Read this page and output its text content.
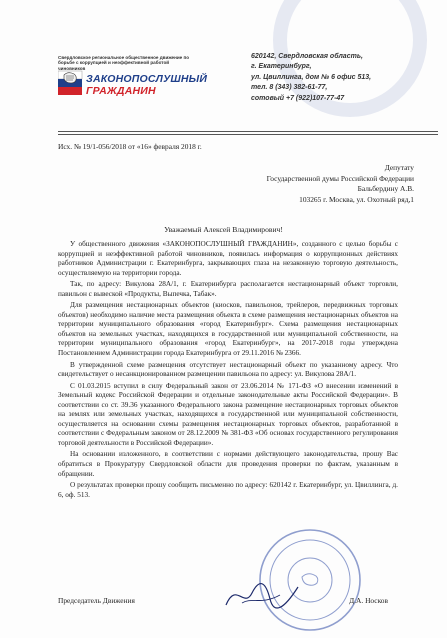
Свердловское региональное общественное движение по борьбе с коррупцией и неэффективной работой чиновников
ЗАКОНОПОСЛУШНЫЙ
ГРАЖДАНИН
620142, Свердловская область,
г. Екатеринбург,
ул. Цвиллинга, дом № 6 офис 513,
тел. 8 (343) 382-61-77,
сотовый +7 (922)107-77-47
Исх. № 19/1-056/2018 от «16» февраля 2018 г.
Депутату
Государственной думы Российской Федерации
Бальбердину А.В.
103265 г. Москва, ул. Охотный ряд,1
Уважаемый Алексей Владимирович!

У общественного движения «ЗАКОНОПОСЛУШНЫЙ ГРАЖДАНИН», созданного с целью борьбы с коррупцией и неэффективной работой чиновников, появилась информация о коррупционных действиях работников Администрации г. Екатеринбурга, закрывающих глаза на незаконную торговую деятельность, осуществляемую на территории города.

Так, по адресу: Викулова 28А/1, г. Екатеринбурга располагается нестационарный объект торговли, павильон с вывеской «Продукты, Выпечка, Табак».

Для размещения нестационарных объектов (киосков, павильонов, трейлеров, передвижных торговых объектов) необходимо наличие места размещения объекта в схеме размещения нестационарных объектов на территории муниципального образования «город Екатеринбург». Схема размещения нестационарных объектов на земельных участках, находящихся в государственной или муниципальной собственности, на территории муниципального образования «город Екатеринбург», на 2017-2018 годы утверждена Постановлением Администрации города Екатеринбурга от 29.11.2016 № 2366.

В утвержденной схеме размещения отсутствует нестационарный объект по указанному адресу. Что свидетельствует о несанкционированном размещении павильона по адресу: ул. Викулова 28А/1.

С 01.03.2015 вступил в силу Федеральный закон от 23.06.2014 № 171-ФЗ «О внесении изменений в Земельный кодекс Российской Федерации и отдельные законодательные акты Российской Федерации». В соответствии со ст. 39.36 указанного Федерального закона размещение нестационарных торговых объектов на землях или земельных участках, находящихся в государственной или муниципальной собственности, осуществляется на основании схемы размещения нестационарных торговых объектов, разработанной в соответствии с Федеральным законом от 28.12.2009 № 381-ФЗ «Об основах государственного регулирования торговой деятельности в Российской Федерации».

На основании изложенного, в соответствии с нормами действующего законодательства, прошу Вас обратиться в Прокуратуру Свердловской области для проведения проверки по фактам, указанным в обращении.

О результатах проверки прошу сообщить письменно по адресу: 620142 г. Екатеринбург, ул. Цвиллинга, д. 6, оф. 513.

Председатель Движения	Д.А. Носков
